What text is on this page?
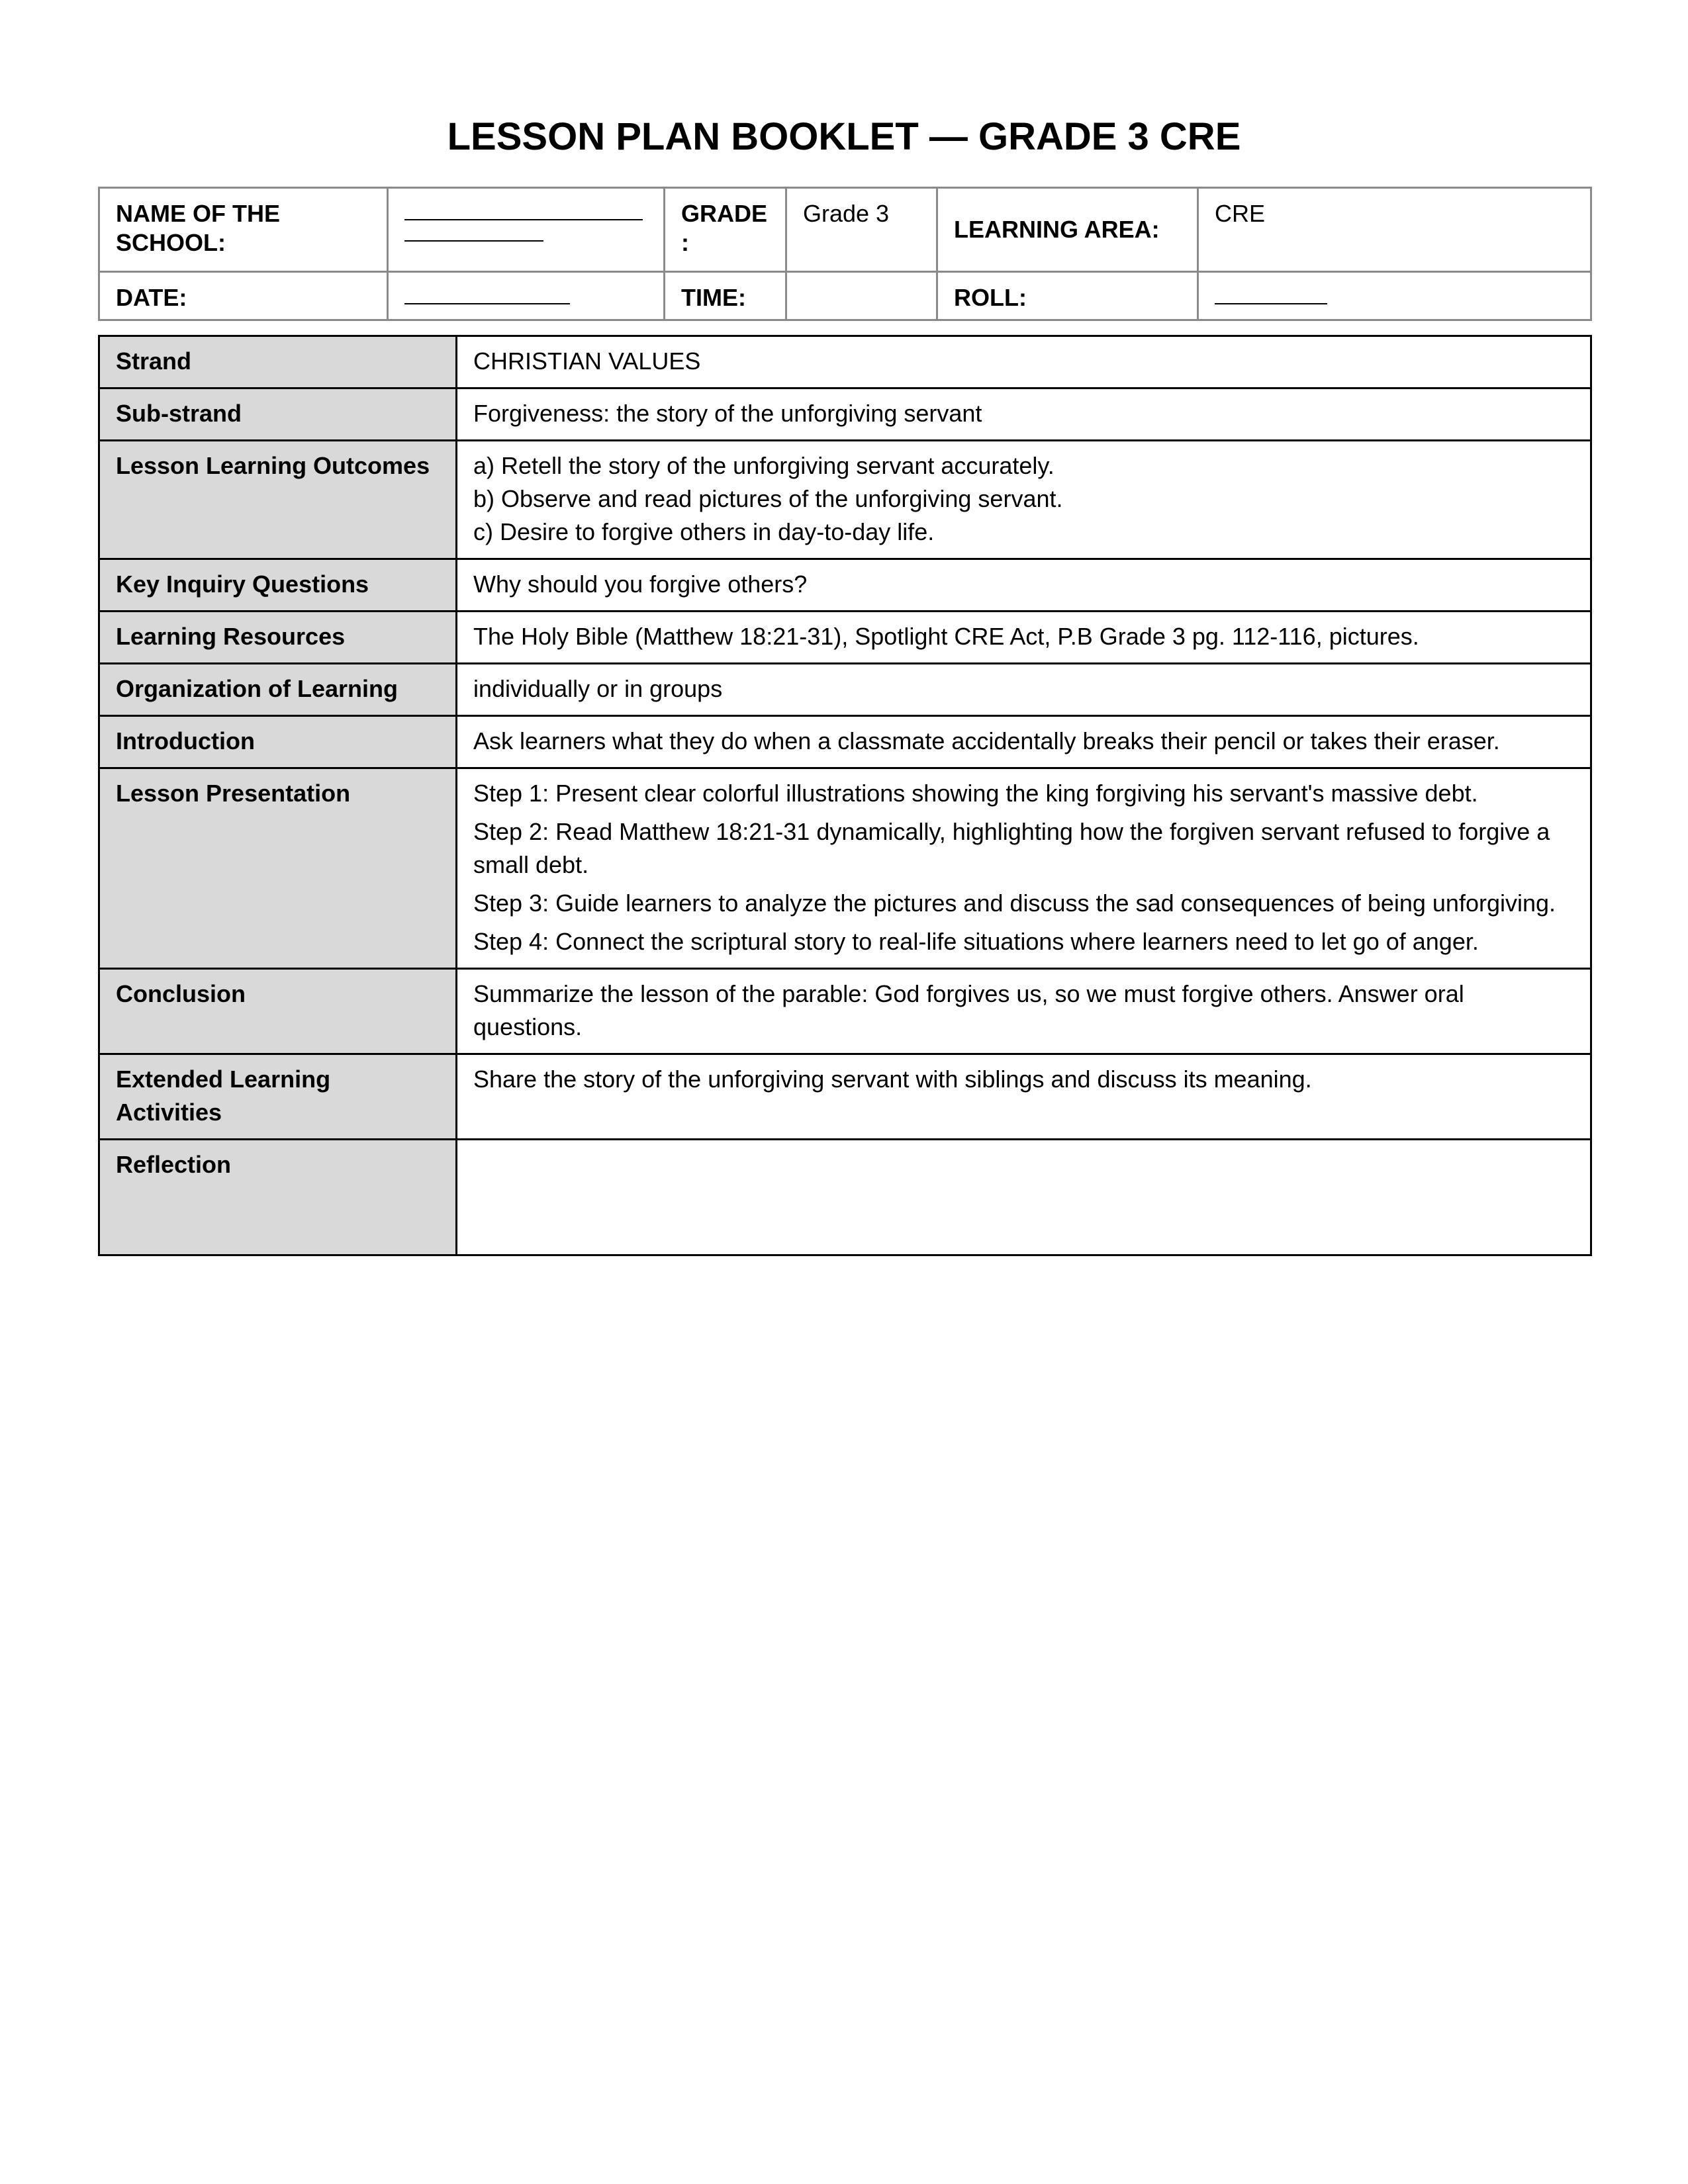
LESSON PLAN BOOKLET — GRADE 3 CRE
NAME OF THE SCHOOL:		GRADE :	Grade 3	LEARNING AREA:	CRE
DATE:		TIME:		ROLL:	
Strand	CHRISTIAN VALUES
Sub-strand	Forgiveness: the story of the unforgiving servant
Lesson Learning Outcomes	a) Retell the story of the unforgiving servant accurately.
b) Observe and read pictures of the unforgiving servant.
c) Desire to forgive others in day-to-day life.

Key Inquiry Questions	Why should you forgive others?
Learning Resources	The Holy Bible (Matthew 18:21-31), Spotlight CRE Act, P.B Grade 3 pg. 112-116, pictures.
Organization of Learning	individually or in groups
Introduction	Ask learners what they do when a classmate accidentally breaks their pencil or takes their eraser.
Lesson Presentation	Step 1: Present clear colorful illustrations showing the king forgiving his servant's massive debt.
Step 2: Read Matthew 18:21-31 dynamically, highlighting how the forgiven servant refused to forgive a small debt.
Step 3: Guide learners to analyze the pictures and discuss the sad consequences of being unforgiving.
Step 4: Connect the scriptural story to real-life situations where learners need to let go of anger.

Conclusion	Summarize the lesson of the parable: God forgives us, so we must forgive others. Answer oral questions.
Extended Learning Activities	Share the story of the unforgiving servant with siblings and discuss its meaning.
Reflection	
